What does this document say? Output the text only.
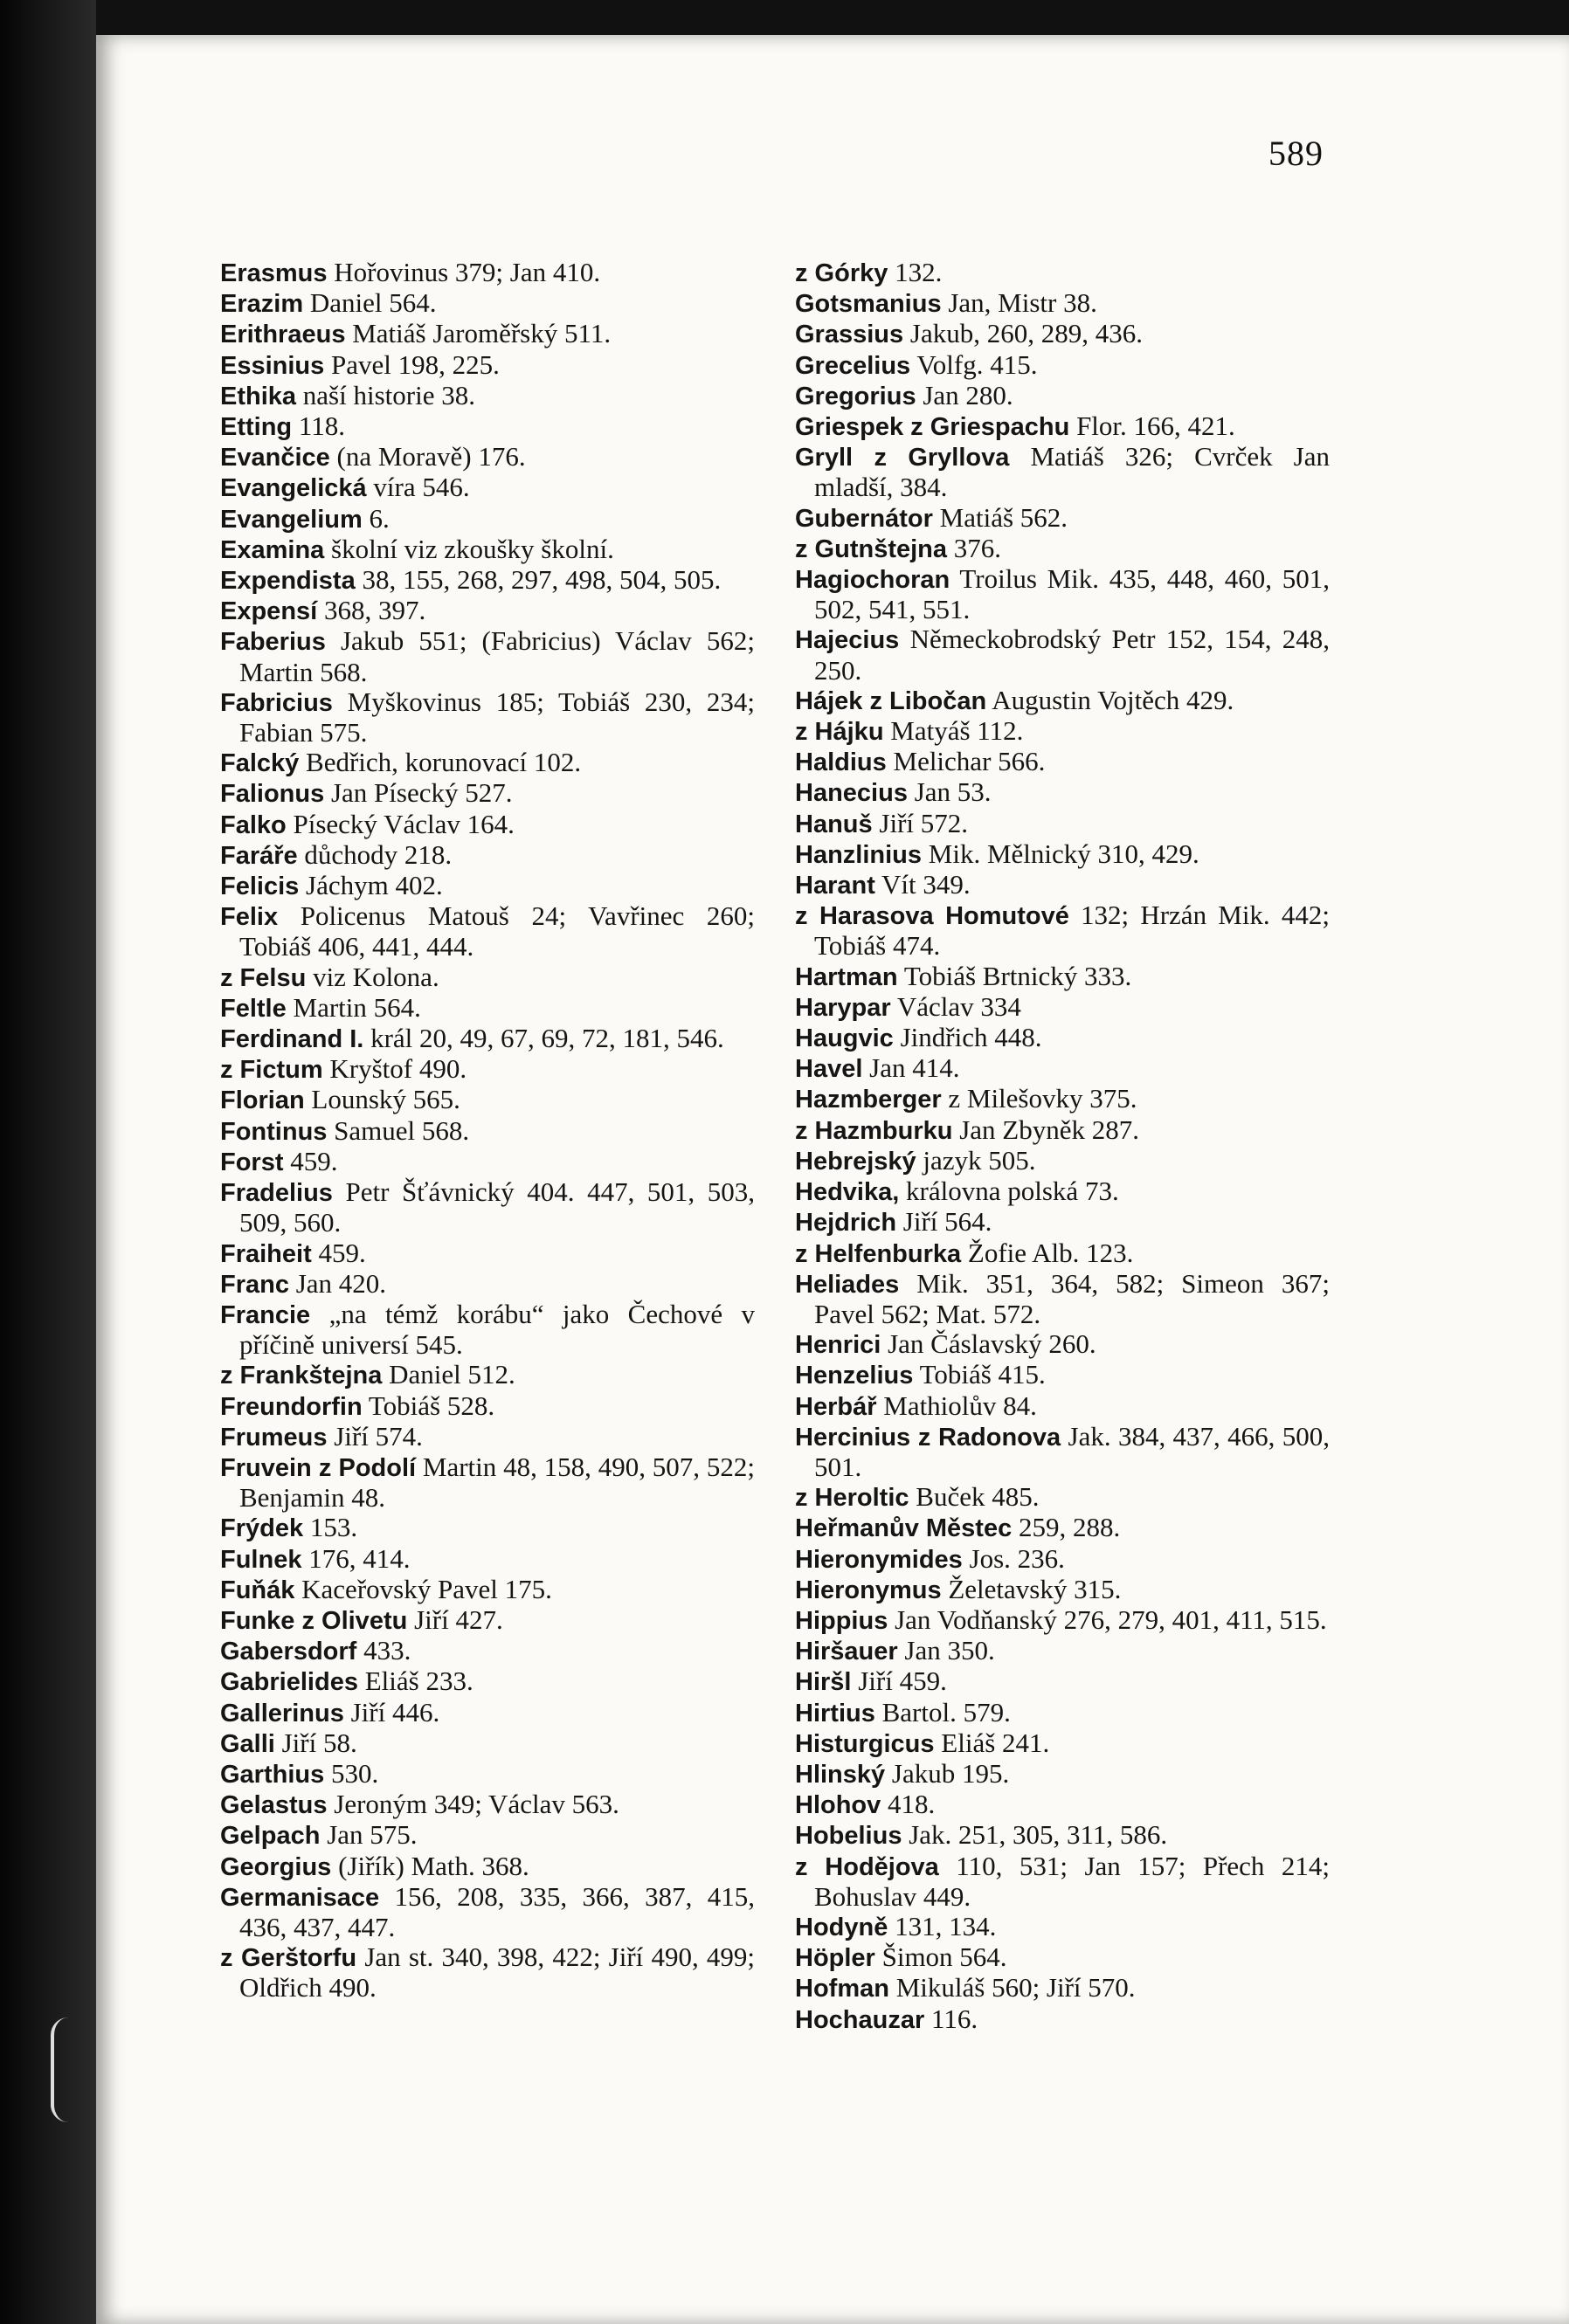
589
Erasmus Hořovinus 379; Jan 410.
Erazim Daniel 564.
Erithraeus Matiáš Jaroměřský 511.
Essinius Pavel 198, 225.
Ethika naší historie 38.
Etting 118.
Evančice (na Moravě) 176.
Evangelická víra 546.
Evangelium 6.
Examina školní viz zkoušky školní.
Expendista 38, 155, 268, 297, 498, 504, 505.
Expensí 368, 397.
Faberius Jakub 551; (Fabricius) Václav 562; Martin 568.
Fabricius Myškovinus 185; Tobiáš 230, 234; Fabian 575.
Falcký Bedřich, korunovací 102.
Falionus Jan Písecký 527.
Falko Písecký Václav 164.
Faráře důchody 218.
Felicis Jáchym 402.
Felix Policenus Matouš 24; Vavřinec 260; Tobiáš 406, 441, 444.
z Felsu viz Kolona.
Feltle Martin 564.
Ferdinand I. král 20, 49, 67, 69, 72, 181, 546.
z Fictum Kryštof 490.
Florian Lounský 565.
Fontinus Samuel 568.
Forst 459.
Fradelius Petr Šťávnický 404. 447, 501, 503, 509, 560.
Fraiheit 459.
Franc Jan 420.
Francie „na témž korábu“ jako Čechové v příčině universí 545.
z Frankštejna Daniel 512.
Freundorfin Tobiáš 528.
Frumeus Jiří 574.
Fruvein z Podolí Martin 48, 158, 490, 507, 522; Benjamin 48.
Frýdek 153.
Fulnek 176, 414.
Fuňák Kaceřovský Pavel 175.
Funke z Olivetu Jiří 427.
Gabersdorf 433.
Gabrielides Eliáš 233.
Gallerinus Jiří 446.
Galli Jiří 58.
Garthius 530.
Gelastus Jeroným 349; Václav 563.
Gelpach Jan 575.
Georgius (Jiřík) Math. 368.
Germanisace 156, 208, 335, 366, 387, 415, 436, 437, 447.
z Gerštorfu Jan st. 340, 398, 422; Jiří 490, 499; Oldřich 490.
z Górky 132.
Gotsmanius Jan, Mistr 38.
Grassius Jakub, 260, 289, 436.
Grecelius Volfg. 415.
Gregorius Jan 280.
Griespek z Griespachu Flor. 166, 421.
Gryll z Gryllova Matiáš 326; Cvrček Jan mladší, 384.
Gubernátor Matiáš 562.
z Gutnštejna 376.
Hagiochoran Troilus Mik. 435, 448, 460, 501, 502, 541, 551.
Hajecius Německobrodský Petr 152, 154, 248, 250.
Hájek z Libočan Augustin Vojtěch 429.
z Hájku Matyáš 112.
Haldius Melichar 566.
Hanecius Jan 53.
Hanuš Jiří 572.
Hanzlinius Mik. Mělnický 310, 429.
Harant Vít 349.
z Harasova Homutové 132; Hrzán Mik. 442; Tobiáš 474.
Hartman Tobiáš Brtnický 333.
Harypar Václav 334
Haugvic Jindřich 448.
Havel Jan 414.
Hazmberger z Milešovky 375.
z Hazmburku Jan Zbyněk 287.
Hebrejský jazyk 505.
Hedvika, královna polská 73.
Hejdrich Jiří 564.
z Helfenburka Žofie Alb. 123.
Heliades Mik. 351, 364, 582; Simeon 367; Pavel 562; Mat. 572.
Henrici Jan Čáslavský 260.
Henzelius Tobiáš 415.
Herbář Mathiolův 84.
Hercinius z Radonova Jak. 384, 437, 466, 500, 501.
z Heroltic Buček 485.
Heřmanův Městec 259, 288.
Hieronymides Jos. 236.
Hieronymus Želetavský 315.
Hippius Jan Vodňanský 276, 279, 401, 411, 515.
Hiršauer Jan 350.
Hiršl Jiří 459.
Hirtius Bartol. 579.
Histurgicus Eliáš 241.
Hlinský Jakub 195.
Hlohov 418.
Hobelius Jak. 251, 305, 311, 586.
z Hodějova 110, 531; Jan 157; Přech 214; Bohuslav 449.
Hodyně 131, 134.
Höpler Šimon 564.
Hofman Mikuláš 560; Jiří 570.
Hochauzar 116.
